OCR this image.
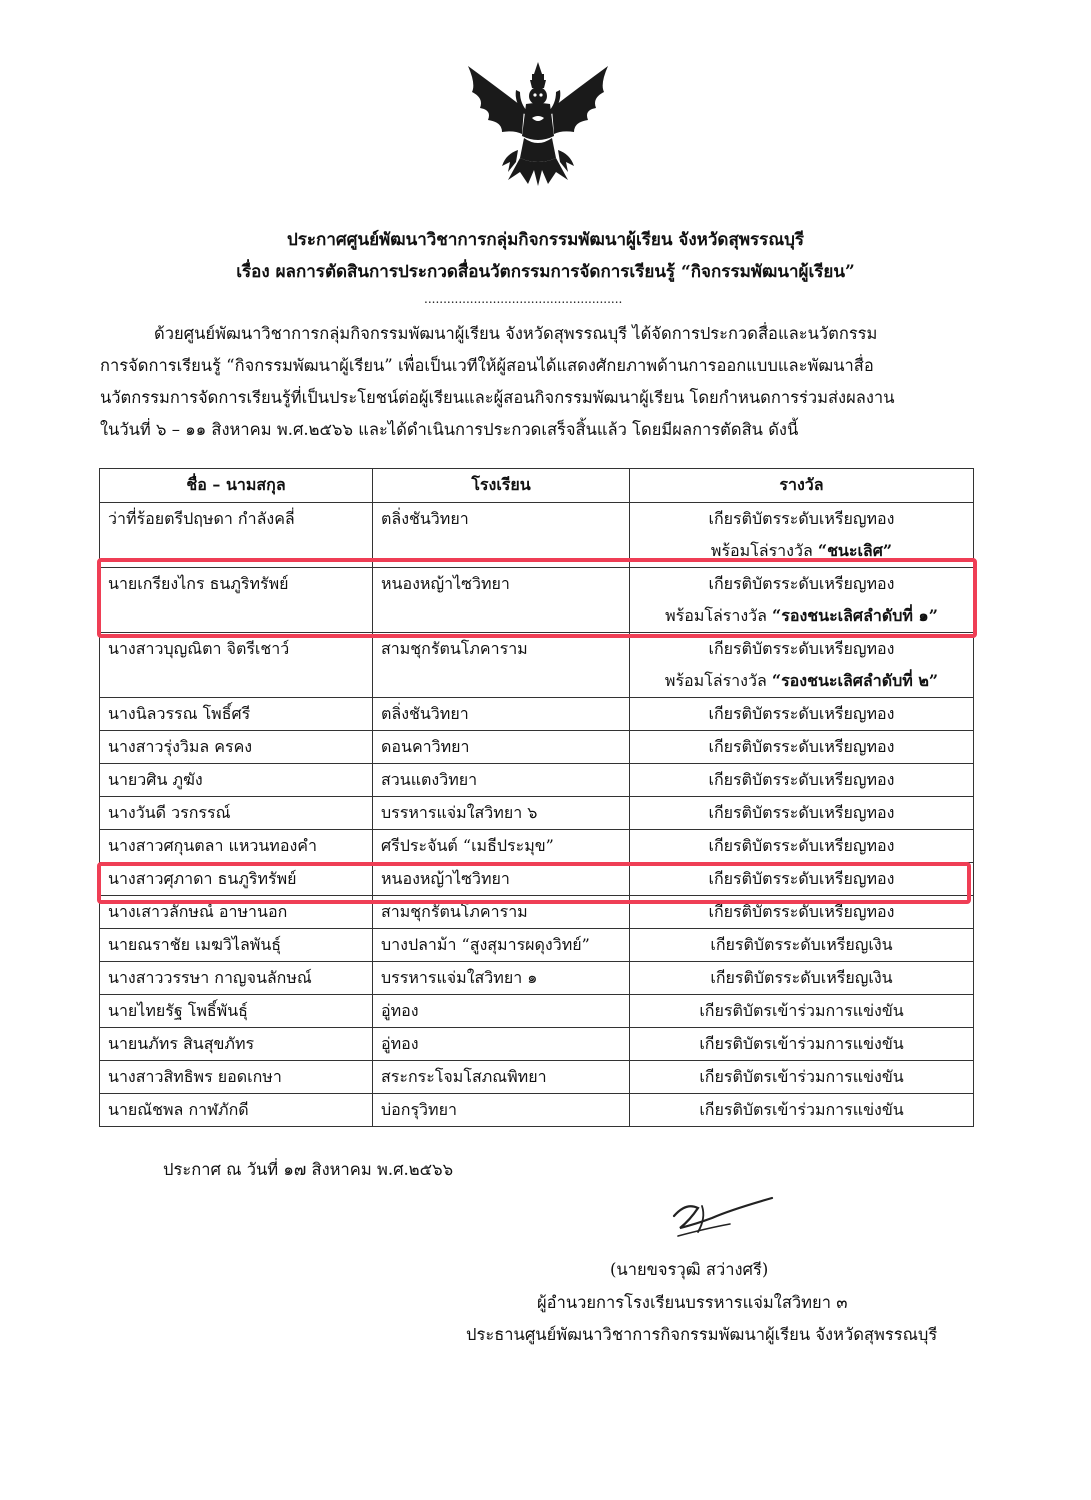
ประกาศศูนย์พัฒนาวิชาการกลุ่มกิจกรรมพัฒนาผู้เรียน จังหวัดสุพรรณบุรี
เรื่อง ผลการตัดสินการประกวดสื่อนวัตกรรมการจัดการเรียนรู้ “กิจกรรมพัฒนาผู้เรียน”
....................................................

ด้วยศูนย์พัฒนาวิชาการกลุ่มกิจกรรมพัฒนาผู้เรียน จังหวัดสุพรรณบุรี ได้จัดการประกวดสื่อและนวัตกรรม

การจัดการเรียนรู้ “กิจกรรมพัฒนาผู้เรียน” เพื่อเป็นเวทีให้ผู้สอนได้แสดงศักยภาพด้านการออกแบบและพัฒนาสื่อ

นวัตกรรมการจัดการเรียนรู้ที่เป็นประโยชน์ต่อผู้เรียนและผู้สอนกิจกรรมพัฒนาผู้เรียน โดยกำหนดการร่วมส่งผลงาน

ในวันที่ ๖ – ๑๑ สิงหาคม พ.ศ.๒๕๖๖ และได้ดำเนินการประกวดเสร็จสิ้นแล้ว โดยมีผลการตัดสิน ดังนี้

ชื่อ – นามสกุล	โรงเรียน	รางวัล
ว่าที่ร้อยตรีปฤษดา กำลังคลี่	ตลิ่งชันวิทยา	เกียรติบัตรระดับเหรียญทอง
พร้อมโล่รางวัล “ชนะเลิศ”

นายเกรียงไกร ธนภูริทรัพย์	หนองหญ้าไซวิทยา	เกียรติบัตรระดับเหรียญทอง
พร้อมโล่รางวัล “รองชนะเลิศลำดับที่ ๑”

นางสาวบุญณิตา จิตรีเชาว์	สามชุกรัตนโภคาราม	เกียรติบัตรระดับเหรียญทอง
พร้อมโล่รางวัล “รองชนะเลิศลำดับที่ ๒”

นางนิลวรรณ โพธิ์ศรี	ตลิ่งชันวิทยา	เกียรติบัตรระดับเหรียญทอง
นางสาวรุ่งวิมล ครคง	ดอนคาวิทยา	เกียรติบัตรระดับเหรียญทอง
นายวศิน ภูฆัง	สวนแตงวิทยา	เกียรติบัตรระดับเหรียญทอง
นางวันดี วรกรรณ์	บรรหารแจ่มใสวิทยา ๖	เกียรติบัตรระดับเหรียญทอง
นางสาวศกุนตลา แหวนทองคำ	ศรีประจันต์ “เมธีประมุข”	เกียรติบัตรระดับเหรียญทอง
นางสาวศุภาดา ธนภูริทรัพย์	หนองหญ้าไซวิทยา	เกียรติบัตรระดับเหรียญทอง
นางเสาวลักษณ์ อาษานอก	สามชุกรัตนโภคาราม	เกียรติบัตรระดับเหรียญทอง
นายณราชัย เมฆวิไลพันธุ์	บางปลาม้า “สูงสุมารผดุงวิทย์”	เกียรติบัตรระดับเหรียญเงิน
นางสาววรรษา กาญจนลักษณ์	บรรหารแจ่มใสวิทยา ๑	เกียรติบัตรระดับเหรียญเงิน
นายไทยรัฐ โพธิ์พันธุ์	อู่ทอง	เกียรติบัตรเข้าร่วมการแข่งขัน
นายนภัทร สินสุขภัทร	อู่ทอง	เกียรติบัตรเข้าร่วมการแข่งขัน
นางสาวสิทธิพร ยอดเกษา	สระกระโจมโสภณพิทยา	เกียรติบัตรเข้าร่วมการแข่งขัน
นายณัชพล กาฬภักดี	บ่อกรุวิทยา	เกียรติบัตรเข้าร่วมการแข่งขัน
ประกาศ ณ วันที่ ๑๗ สิงหาคม พ.ศ.๒๕๖๖
(นายขจรวุฒิ สว่างศรี)
ผู้อำนวยการโรงเรียนบรรหารแจ่มใสวิทยา ๓
ประธานศูนย์พัฒนาวิชาการกิจกรรมพัฒนาผู้เรียน จังหวัดสุพรรณบุรี
